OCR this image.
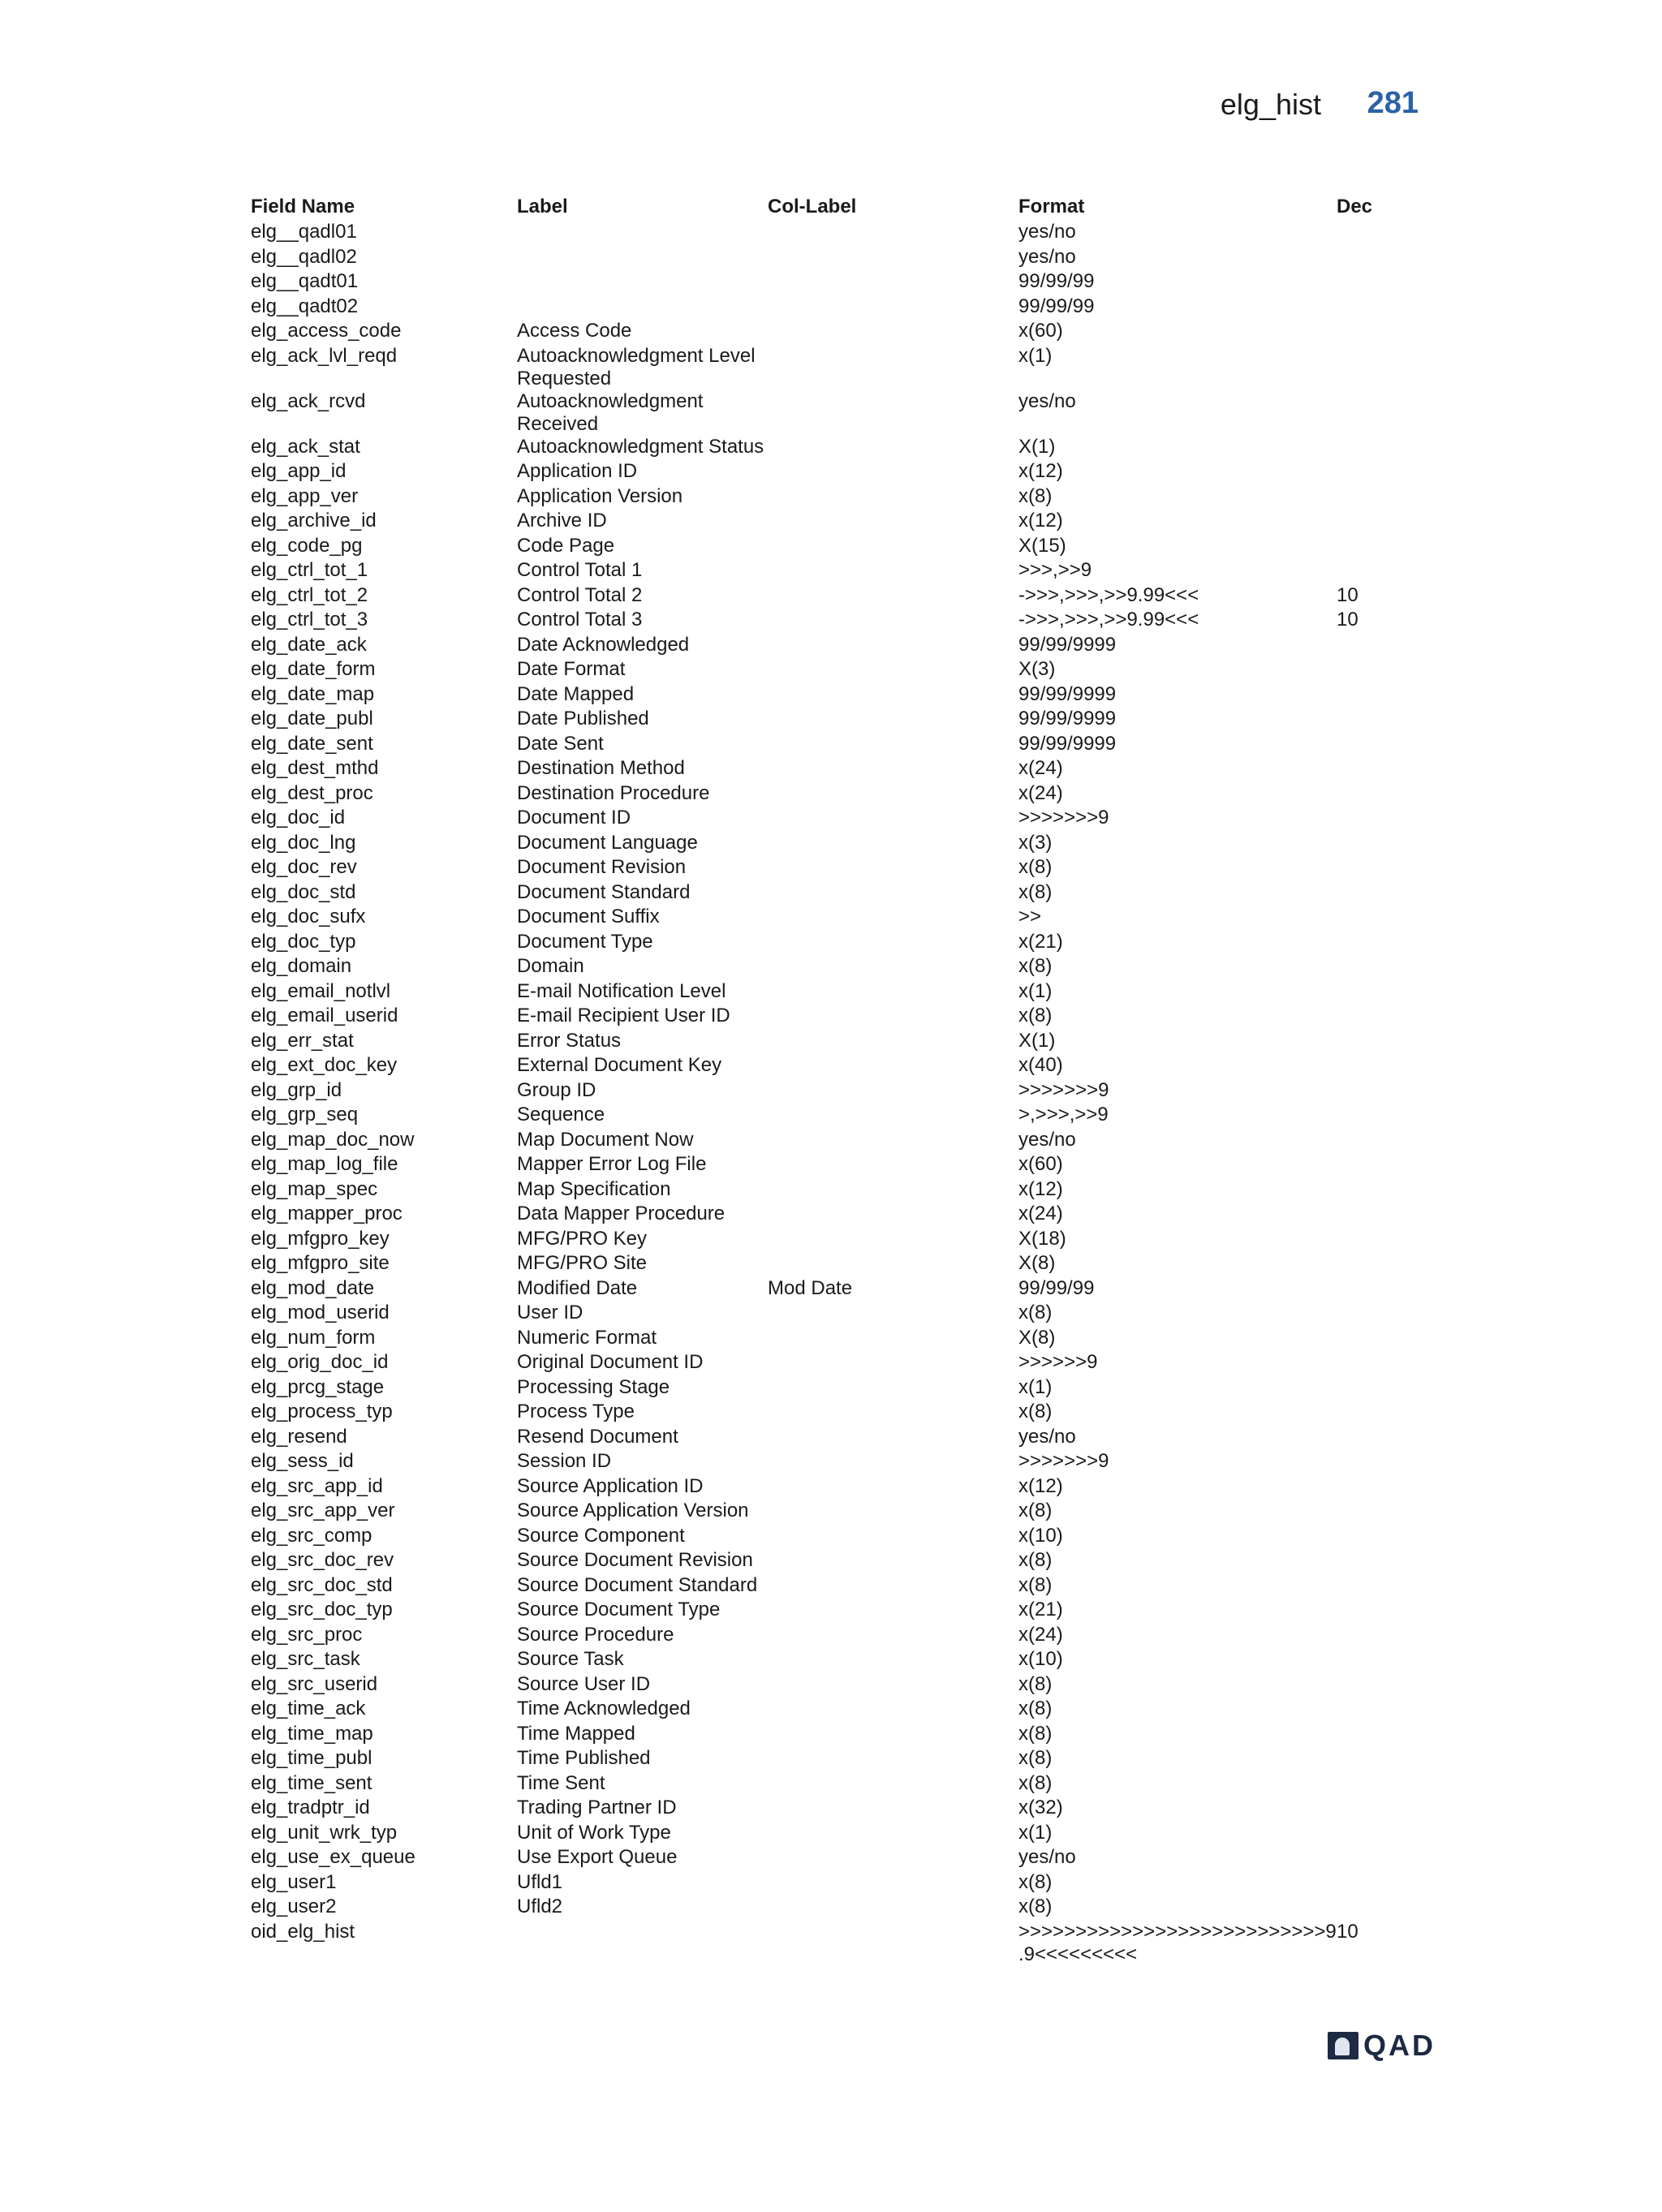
elg_hist 281
Field Name	Label	Col-Label	Format	Dec
elg__qadl01			yes/no	
elg__qadl02			yes/no	
elg__qadt01			99/99/99	
elg__qadt02			99/99/99	
elg_access_code	Access Code		x(60)	
elg_ack_lvl_reqd	Autoacknowledgment Level Requested		x(1)	
elg_ack_rcvd	Autoacknowledgment Received		yes/no	
elg_ack_stat	Autoacknowledgment Status		X(1)	
elg_app_id	Application ID		x(12)	
elg_app_ver	Application Version		x(8)	
elg_archive_id	Archive ID		x(12)	
elg_code_pg	Code Page		X(15)	
elg_ctrl_tot_1	Control Total 1		>>>,>>9	
elg_ctrl_tot_2	Control Total 2		->>>,>>>,>>9.99<<<	10
elg_ctrl_tot_3	Control Total 3		->>>,>>>,>>9.99<<<	10
elg_date_ack	Date Acknowledged		99/99/9999	
elg_date_form	Date Format		X(3)	
elg_date_map	Date Mapped		99/99/9999	
elg_date_publ	Date Published		99/99/9999	
elg_date_sent	Date Sent		99/99/9999	
elg_dest_mthd	Destination Method		x(24)	
elg_dest_proc	Destination Procedure		x(24)	
elg_doc_id	Document ID		>>>>>>>9	
elg_doc_lng	Document Language		x(3)	
elg_doc_rev	Document Revision		x(8)	
elg_doc_std	Document Standard		x(8)	
elg_doc_sufx	Document Suffix		>>	
elg_doc_typ	Document Type		x(21)	
elg_domain	Domain		x(8)	
elg_email_notlvl	E-mail Notification Level		x(1)	
elg_email_userid	E-mail Recipient User ID		x(8)	
elg_err_stat	Error Status		X(1)	
elg_ext_doc_key	External Document Key		x(40)	
elg_grp_id	Group ID		>>>>>>>9	
elg_grp_seq	Sequence		>,>>>,>>9	
elg_map_doc_now	Map Document Now		yes/no	
elg_map_log_file	Mapper Error Log File		x(60)	
elg_map_spec	Map Specification		x(12)	
elg_mapper_proc	Data Mapper Procedure		x(24)	
elg_mfgpro_key	MFG/PRO Key		X(18)	
elg_mfgpro_site	MFG/PRO Site		X(8)	
elg_mod_date	Modified Date	Mod Date	99/99/99	
elg_mod_userid	User ID		x(8)	
elg_num_form	Numeric Format		X(8)	
elg_orig_doc_id	Original Document ID		>>>>>>9	
elg_prcg_stage	Processing Stage		x(1)	
elg_process_typ	Process Type		x(8)	
elg_resend	Resend Document		yes/no	
elg_sess_id	Session ID		>>>>>>>9	
elg_src_app_id	Source Application ID		x(12)	
elg_src_app_ver	Source Application Version		x(8)	
elg_src_comp	Source Component		x(10)	
elg_src_doc_rev	Source Document Revision		x(8)	
elg_src_doc_std	Source Document Standard		x(8)	
elg_src_doc_typ	Source Document Type		x(21)	
elg_src_proc	Source Procedure		x(24)	
elg_src_task	Source Task		x(10)	
elg_src_userid	Source User ID		x(8)	
elg_time_ack	Time Acknowledged		x(8)	
elg_time_map	Time Mapped		x(8)	
elg_time_publ	Time Published		x(8)	
elg_time_sent	Time Sent		x(8)	
elg_tradptr_id	Trading Partner ID		x(32)	
elg_unit_wrk_typ	Unit of Work Type		x(1)	
elg_use_ex_queue	Use Export Queue		yes/no	
elg_user1	Ufld1		x(8)	
elg_user2	Ufld2		x(8)	
oid_elg_hist			>>>>>>>>>>>>>>>>>>>>>>>>>>>9 .9<<<<<<<<<	10
QAD
